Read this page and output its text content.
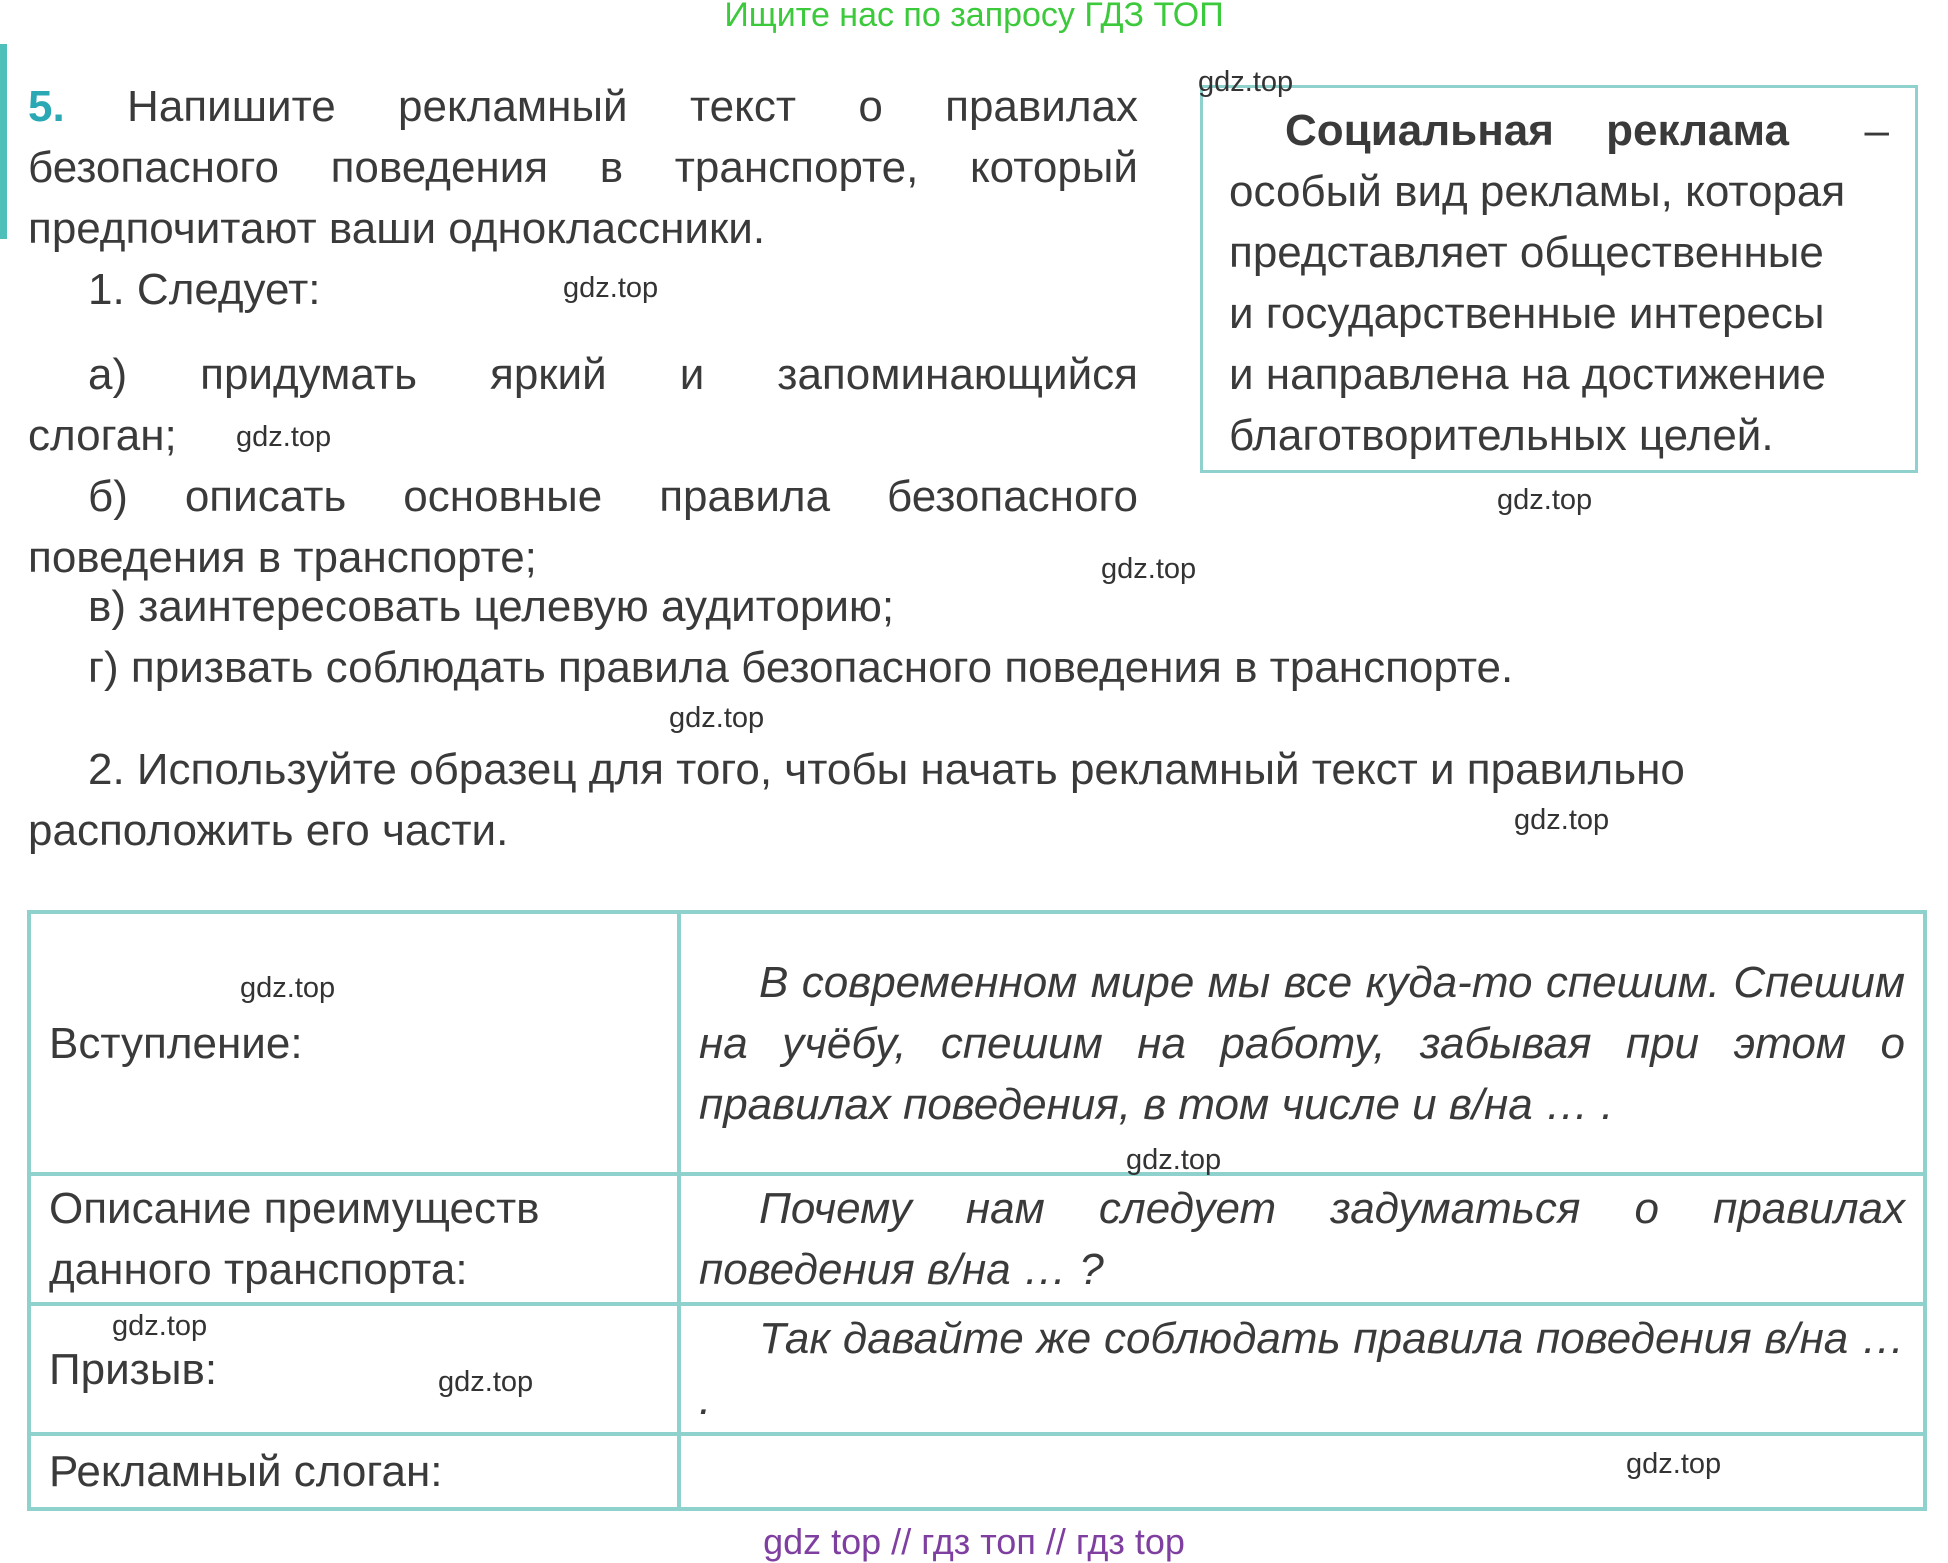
Ищите нас по запросу ГДЗ ТОП

5. Напишите рекламный текст о правилах

безопасного поведения в транспорте, который

предпочитают ваши одноклассники.

1. Следует:

а) придумать яркий и запоминающийся

слоган;

б) описать основные правила безопасного

поведения в транспорте;

в) заинтересовать целевую аудиторию;
г) призвать соблюдать правила безопасного поведения в транспорте.
Социальная реклама –
особый вид рекламы, которая
представляет общественные
и государственные интересы
и направлена на достижение
благотворительных целей.

2. Используйте образец для того, чтобы начать рекламный текст и правильно

расположить его части.

Вступление:	В современном мире мы все куда-то спешим. Спешим на учёбу, спешим на работу, забывая при этом о правилах поведения, в том числе и в/на … .

Описание преимуществ
данного транспорта:	Почему нам следует задуматься о правилах поведения в/на … ?

Призыв:	Так давайте же соблюдать правила поведения в/на … .

Рекламный слоган:	
gdz.top
gdz.top
gdz.top
gdz.top
gdz.top
gdz.top
gdz.top
gdz.top
gdz.top
gdz.top
gdz.top
gdz.top
gdz top // гдз топ // гдз top
